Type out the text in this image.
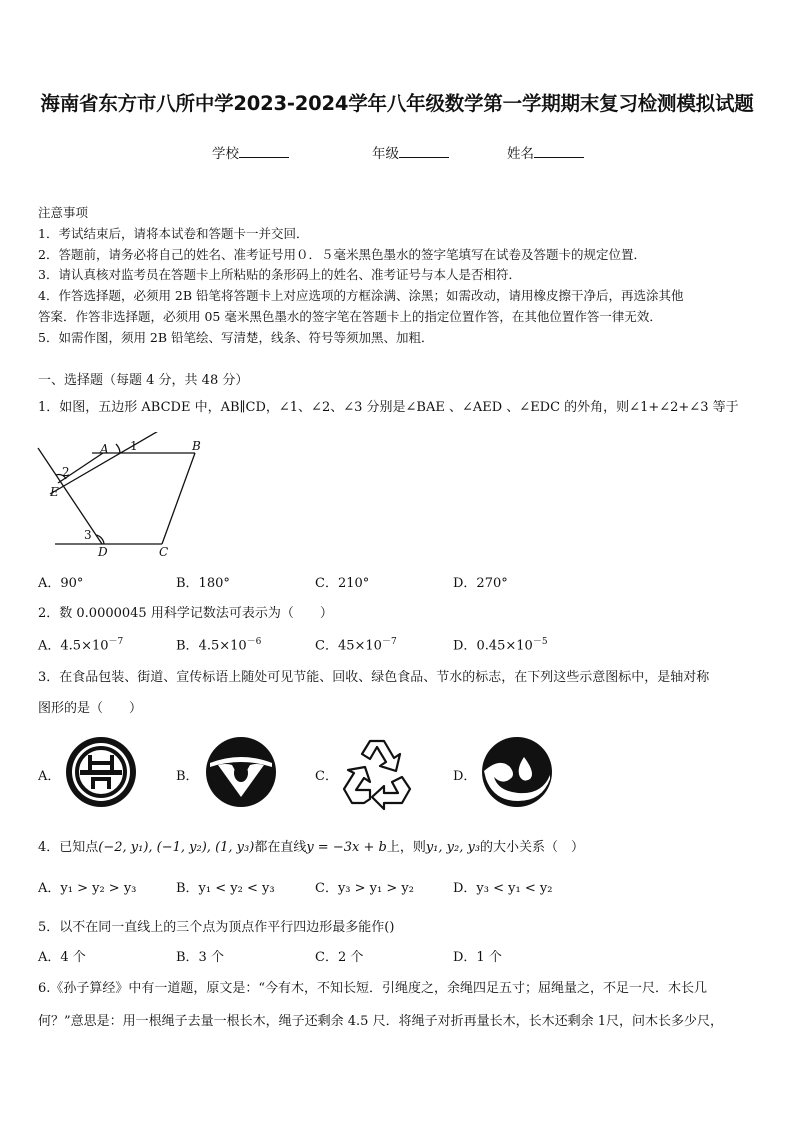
海南省东方市八所中学2023-2024学年八年级数学第一学期期末复习检测模拟试题
学校	年级	姓名
注意事项
1．考试结束后，请将本试卷和答题卡一并交回．
2．答题前，请务必将自己的姓名、准考证号用０．５毫米黑色墨水的签字笔填写在试卷及答题卡的规定位置．
3．请认真核对监考员在答题卡上所粘贴的条形码上的姓名、准考证号与本人是否相符．
4．作答选择题，必须用 2B 铅笔将答题卡上对应选项的方框涂满、涂黑；如需改动，请用橡皮擦干净后，再选涂其他
答案．作答非选择题，必须用 05 毫米黑色墨水的签字笔在答题卡上的指定位置作答，在其他位置作答一律无效．
5．如需作图，须用 2B 铅笔绘、写清楚，线条、符号等须加黑、加粗．
一、选择题（每题 4 分，共 48 分）
1．如图，五边形 ABCDE 中，AB∥CD，∠1、∠2、∠3 分别是∠BAE 、∠AED 、∠EDC 的外角，则∠1+∠2+∠3 等于
A	B
E
D	C
1
2
3
A．90°	B．180°	C．210°	D．270°
2．数 0.0000045 用科学记数法可表示为（　　）
A．$4.5\times 10^{-7}$	B．$4.5\times 10^{-6}$	C．$45\times 10^{-7}$	D．$0.45\times 10^{-5}$
3．在食品包装、街道、宣传标语上随处可见节能、回收、绿色食品、节水的标志，在下列这些示意图标中，是轴对称
图形的是（　　）
A．	B．	C．	D．
4．已知点(−2, y₁), (−1, y₂), (1, y₃)都在直线y = −3x + b上，则y₁, y₂, y₃的大小关系（　）
A．y₁ > y₂ > y₃	B．y₁ < y₂ < y₃	C．y₃ > y₁ > y₂	D．y₃ < y₁ < y₂
5．以不在同一直线上的三个点为顶点作平行四边形最多能作()
A．4 个	B．3 个	C．2 个	D．1 个
6.《孙子算经》中有一道题，原文是：“今有木，不知长短．引绳度之，余绳四足五寸；屈绳量之，不足一尺．木长几
何？”意思是：用一根绳子去量一根长木，绳子还剩余 4.5 尺．将绳子对折再量长木，长木还剩余 1尺，问木长多少尺，
